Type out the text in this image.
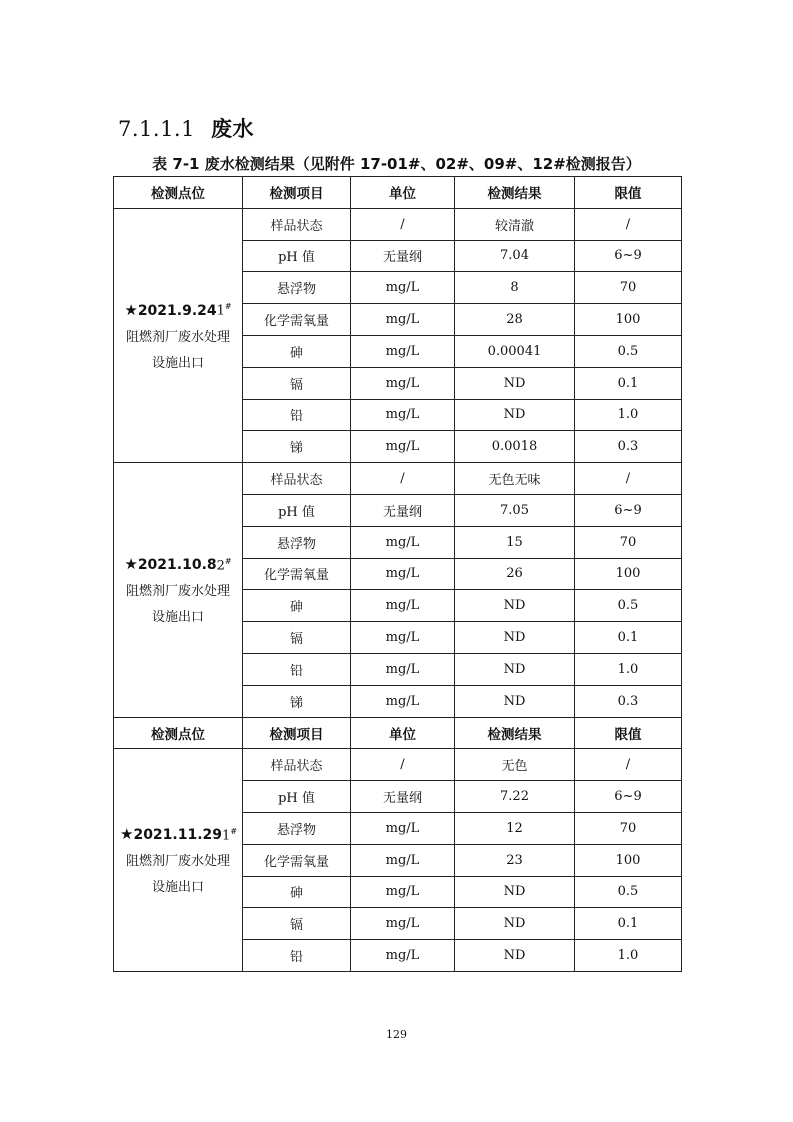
7.1.1.1 废水
表 7-1 废水检测结果（见附件 17-01#、02#、09#、12#检测报告）
检测点位	检测项目	单位	检测结果	限值
★2021.9.241#阻燃剂厂废水处理设施出口	样品状态	/	较清澈	/
	pH 值	无量纲	7.04	6~9
	悬浮物	mg/L	8	70
	化学需氧量	mg/L	28	100
	砷	mg/L	0.00041	0.5
	镉	mg/L	ND	0.1
	铅	mg/L	ND	1.0
	锑	mg/L	0.0018	0.3
★2021.10.82#阻燃剂厂废水处理设施出口	样品状态	/	无色无味	/
	pH 值	无量纲	7.05	6~9
	悬浮物	mg/L	15	70
	化学需氧量	mg/L	26	100
	砷	mg/L	ND	0.5
	镉	mg/L	ND	0.1
	铅	mg/L	ND	1.0
	锑	mg/L	ND	0.3
检测点位	检测项目	单位	检测结果	限值
★2021.11.291#阻燃剂厂废水处理设施出口	样品状态	/	无色	/
	pH 值	无量纲	7.22	6~9
	悬浮物	mg/L	12	70
	化学需氧量	mg/L	23	100
	砷	mg/L	ND	0.5
	镉	mg/L	ND	0.1
	铅	mg/L	ND	1.0
129
